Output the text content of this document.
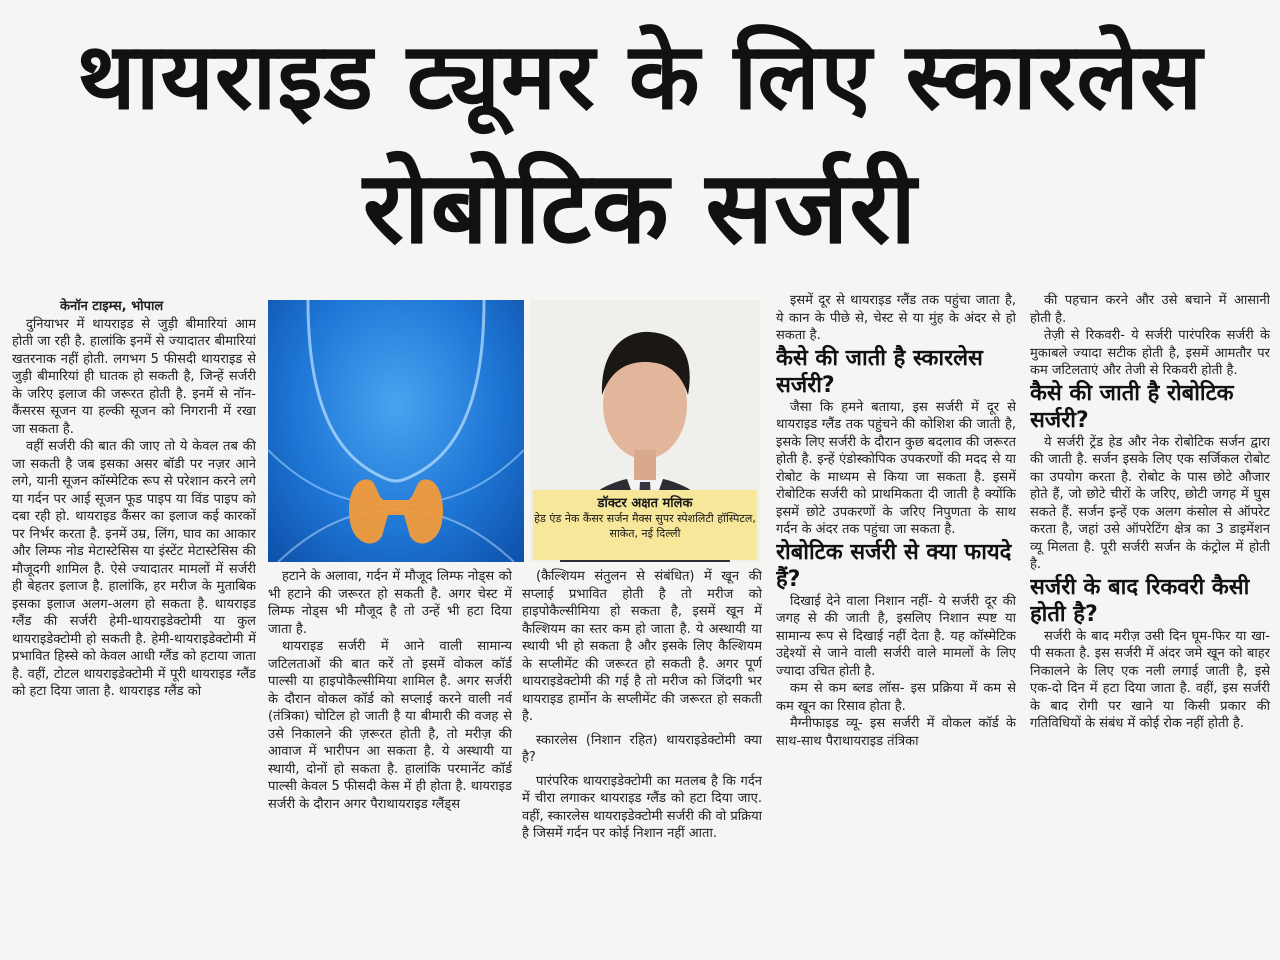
थायराइड ट्यूमर के लिए स्कारलेस
रोबोटिक सर्जरी

केनॉन टाइम्स, भोपाल

दुनियाभर में थायराइड से जुड़ी बीमारियां आम होती जा रही है. हालांकि इनमें से ज्यादातर बीमारियां खतरनाक नहीं होती. लगभग 5 फीसदी थायराइड से जुड़ी बीमारियां ही घातक हो सकती है, जिन्हें सर्जरी के जरिए इलाज की जरूरत होती है. इनमें से नॉन-कैंसरस सूजन या हल्की सूजन को निगरानी में रखा जा सकता है.

वहीं सर्जरी की बात की जाए तो ये केवल तब की जा सकती है जब इसका असर बॉडी पर नज़र आने लगे, यानी सूजन कॉस्मेटिक रूप से परेशान करने लगे या गर्दन पर आई सूजन फूड पाइप या विंड पाइप को दबा रही हो. थायराइड कैंसर का इलाज कई कारकों पर निर्भर करता है. इनमें उम्र, लिंग, घाव का आकार और लिम्फ नोड मेटास्टेसिस या इंस्टेंट मेटास्टेसिस की मौजूदगी शामिल है. ऐसे ज्यादातर मामलों में सर्जरी ही बेहतर इलाज है. हालांकि, हर मरीज के मुताबिक इसका इलाज अलग-अलग हो सकता है. थायराइड ग्लैंड की सर्जरी हेमी-थायराइडेक्टोमी या कुल थायराइडेक्टोमी हो सकती है. हेमी-थायराइडेक्टोमी में प्रभावित हिस्से को केवल आधी ग्लैंड को हटाया जाता है. वहीं, टोटल थायराइडेक्टोमी में पूरी थायराइड ग्लैंड को हटा दिया जाता है. थायराइड ग्लैंड को

डॉक्टर अक्षत मलिक
हेड एंड नेक कैंसर सर्जन मैक्स सुपर स्पेशलिटी हॉस्पिटल, साकेत, नई दिल्ली

हटाने के अलावा, गर्दन में मौजूद लिम्फ नोड्स को भी हटाने की जरूरत हो सकती है. अगर चेस्ट में लिम्फ नोड्स भी मौजूद है तो उन्हें भी हटा दिया जाता है.

थायराइड सर्जरी में आने वाली सामान्य जटिलताओं की बात करें तो इसमें वोकल कॉर्ड पाल्सी या हाइपोकैल्सीमिया शामिल है. अगर सर्जरी के दौरान वोकल कॉर्ड को सप्लाई करने वाली नर्व (तंत्रिका) चोटिल हो जाती है या बीमारी की वजह से उसे निकालने की ज़रूरत होती है, तो मरीज़ की आवाज में भारीपन आ सकता है. ये अस्थायी या स्थायी, दोनों हो सकता है. हालांकि परमानेंट कॉर्ड पाल्सी केवल 5 फीसदी केस में ही होता है. थायराइड सर्जरी के दौरान अगर पैराथायराइड ग्लैंड्स

(कैल्शियम संतुलन से संबंधित) में खून की सप्लाई प्रभावित होती है तो मरीज को हाइपोकैल्सीमिया हो सकता है, इसमें खून में कैल्शियम का स्तर कम हो जाता है. ये अस्थायी या स्थायी भी हो सकता है और इसके लिए कैल्शियम के सप्लीमेंट की जरूरत हो सकती है. अगर पूर्ण थायराइडेक्टोमी की गई है तो मरीज को जिंदगी भर थायराइड हार्मोन के सप्लीमेंट की जरूरत हो सकती है.

स्कारलेस (निशान रहित) थायराइडेक्टोमी क्या है?

पारंपरिक थायराइडेक्टोमी का मतलब है कि गर्दन में चीरा लगाकर थायराइड ग्लैंड को हटा दिया जाए. वहीं, स्कारलेस थायराइडेक्टोमी सर्जरी की वो प्रक्रिया है जिसमें गर्दन पर कोई निशान नहीं आता.

इसमें दूर से थायराइड ग्लैंड तक पहुंचा जाता है, ये कान के पीछे से, चेस्ट से या मुंह के अंदर से हो सकता है.

कैसे की जाती है स्कारलेस सर्जरी?

जैसा कि हमने बताया, इस सर्जरी में दूर से थायराइड ग्लैंड तक पहुंचने की कोशिश की जाती है, इसके लिए सर्जरी के दौरान कुछ बदलाव की जरूरत होती है. इन्हें एंडोस्कोपिक उपकरणों की मदद से या रोबोट के माध्यम से किया जा सकता है. इसमें रोबोटिक सर्जरी को प्राथमिकता दी जाती है क्योंकि इसमें छोटे उपकरणों के जरिए निपुणता के साथ गर्दन के अंदर तक पहुंचा जा सकता है.

रोबोटिक सर्जरी से क्या फायदे हैं?

दिखाई देने वाला निशान नहीं- ये सर्जरी दूर की जगह से की जाती है, इसलिए निशान स्पष्ट या सामान्य रूप से दिखाई नहीं देता है. यह कॉस्मेटिक उद्देश्यों से जाने वाली सर्जरी वाले मामलों के लिए ज्यादा उचित होती है.

कम से कम ब्लड लॉस- इस प्रक्रिया में कम से कम खून का रिसाव होता है.

मैग्नीफाइड व्यू- इस सर्जरी में वोकल कॉर्ड के साथ-साथ पैराथायराइड तंत्रिका

की पहचान करने और उसे बचाने में आसानी होती है.

तेज़ी से रिकवरी- ये सर्जरी पारंपरिक सर्जरी के मुकाबले ज्यादा सटीक होती है, इसमें आमतौर पर कम जटिलताएं और तेजी से रिकवरी होती है.

कैसे की जाती है रोबोटिक सर्जरी?

ये सर्जरी ट्रेंड हेड और नेक रोबोटिक सर्जन द्वारा की जाती है. सर्जन इसके लिए एक सर्जिकल रोबोट का उपयोग करता है. रोबोट के पास छोटे औजार होते हैं, जो छोटे चीरों के जरिए, छोटी जगह में घुस सकते हैं. सर्जन इन्हें एक अलग कंसोल से ऑपरेट करता है, जहां उसे ऑपरेटिंग क्षेत्र का 3 डाइमेंशन व्यू मिलता है. पूरी सर्जरी सर्जन के कंट्रोल में होती है.

सर्जरी के बाद रिकवरी कैसी होती है?

सर्जरी के बाद मरीज़ उसी दिन घूम-फिर या खा-पी सकता है. इस सर्जरी में अंदर जमे खून को बाहर निकालने के लिए एक नली लगाई जाती है, इसे एक-दो दिन में हटा दिया जाता है. वहीं, इस सर्जरी के बाद रोगी पर खाने या किसी प्रकार की गतिविधियों के संबंध में कोई रोक नहीं होती है.
